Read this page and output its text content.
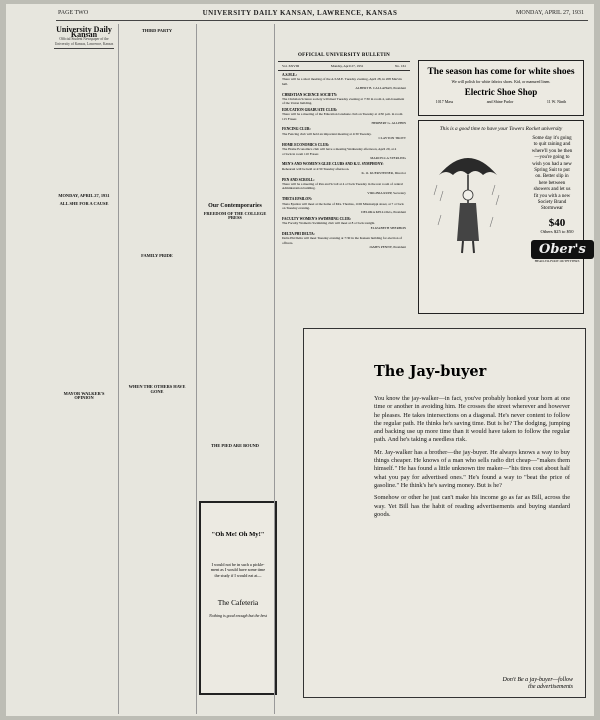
PAGE TWO	UNIVERSITY DAILY KANSAN, LAWRENCE, KANSAS	MONDAY, APRIL 27, 1931
University Daily Kansan
Official Student Newspaper of the University of Kansas, Lawrence, Kansas

MONDAY, APRIL 27, 1931
ALL SHE FOR A CAUSE

MAYOR WALKER'S OPINION
THIRD PARTY

FAMILY PRIDE

WHEN THE OTHERS HAVE GONE

Our Contemporaries
FREEDOM OF THE COLLEGE PRESS

THE PIED ARE BOUND
"Oh Me! Oh My!"
I would not be in such a pickle-ment as I would have some time the study if I would eat at—
The Cafeteria
Nothing is good enough but the best
OFFICIAL UNIVERSITY BULLETIN
Vol. XXVIII	Monday, April 27, 1931	No. 161
A.S.M.E.:
There will be a short meeting of the A.S.M.E. Tuesday evening, April 28, in 208 Marvin hall.
ALBERT B. CALLAHAN, President
CHRISTIAN SCIENCE SOCIETY:
The Christian Science society will meet Tuesday evening at 7:30 in room 4, sub-basement of the Union building.
EDUCATION GRADUATE CLUB:
There will be a meeting of the Education Graduate club on Tuesday at 4:30 p.m. in room 115 Fraser.
HERBERT G. ALLPHIN
FENCING CLUB:
The Fencing club will hold an important meeting at 4:30 Tuesday.
CLAYTON TROTT
HOME ECONOMICS CLUB:
The Home Economics club will have a meeting Wednesday afternoon, April 29, at 4 o'clock in room 110 Fraser.
MARCELLA STERLING
MEN'S AND WOMEN'S GLEE CLUBS AND K.U. SYMPHONY:
Rehearsal will be held at 4:30 Tuesday afternoon.
K. O. KUERSTEINER, Director
PEN AND SCROLL:
There will be a meeting of Pen and Scroll at 4 o'clock Tuesday in the rest room of central Administration building.
VIRGINIA RUPP, Secretary
THETA EPSILON:
Theta Epsilon will meet at the home of Mrs. Thomas, 1106 Mississippi street, at 7 o'clock on Tuesday evening.
DELORA KELLOGG, President
FACULTY WOMEN'S SWIMMING CLUB:
The Faculty Women's Swimming club will meet at 8 o'clock tonight.
ELIZABETH SHERBON
DELTA PHI DELTA:
Delta Phi Delta will meet Tuesday evening at 7:30 in the Kansan building for election of officers.
JAMES PENNY, President
The season has come for white shoes
We will polish for white fabrics shoes. Kid, or manured linen.
Electric Shoe Shop
1017 Mass	and Shine Parlor	11 W. Ninth
This is a good time to have your Towers Rocket university
Some day it's going to quit raining and where'll you be then—you're going to wish you had a new Spring Suit to put on. Better slip in here between showers and let us fit you with a new Society Brand Stormwear
$40
Others $25 to $50
Ober's
HEAD-TO-FOOT OUTFITTERS
The Jay-buyer

You know the jay-walker—in fact, you've probably honked your horn at one time or another in avoiding him. He crosses the street wherever and however he pleases. He takes intersections on a diagonal. He's never content to follow the regular path. He thinks he's saving time. But is he? The dodging, jumping and backing use up more time than it would have taken to follow the regular path. And he's taking a needless risk.

Mr. Jay-walker has a brother—the jay-buyer. He always knows a way to buy things cheaper. He knows of a man who sells radio dirt cheap—"makes them himself." He has found a little unknown tire maker—"his tires cost about half what you pay for advertised ones." He's found a way to "beat the price of gasoline." He think's he's saving money. But is he?

Somehow or other he just can't make his income go as far as Bill, across the way. Yet Bill has the habit of reading advertisements and buying standard goods.

Don't Be a jay-buyer—follow
the advertisements
